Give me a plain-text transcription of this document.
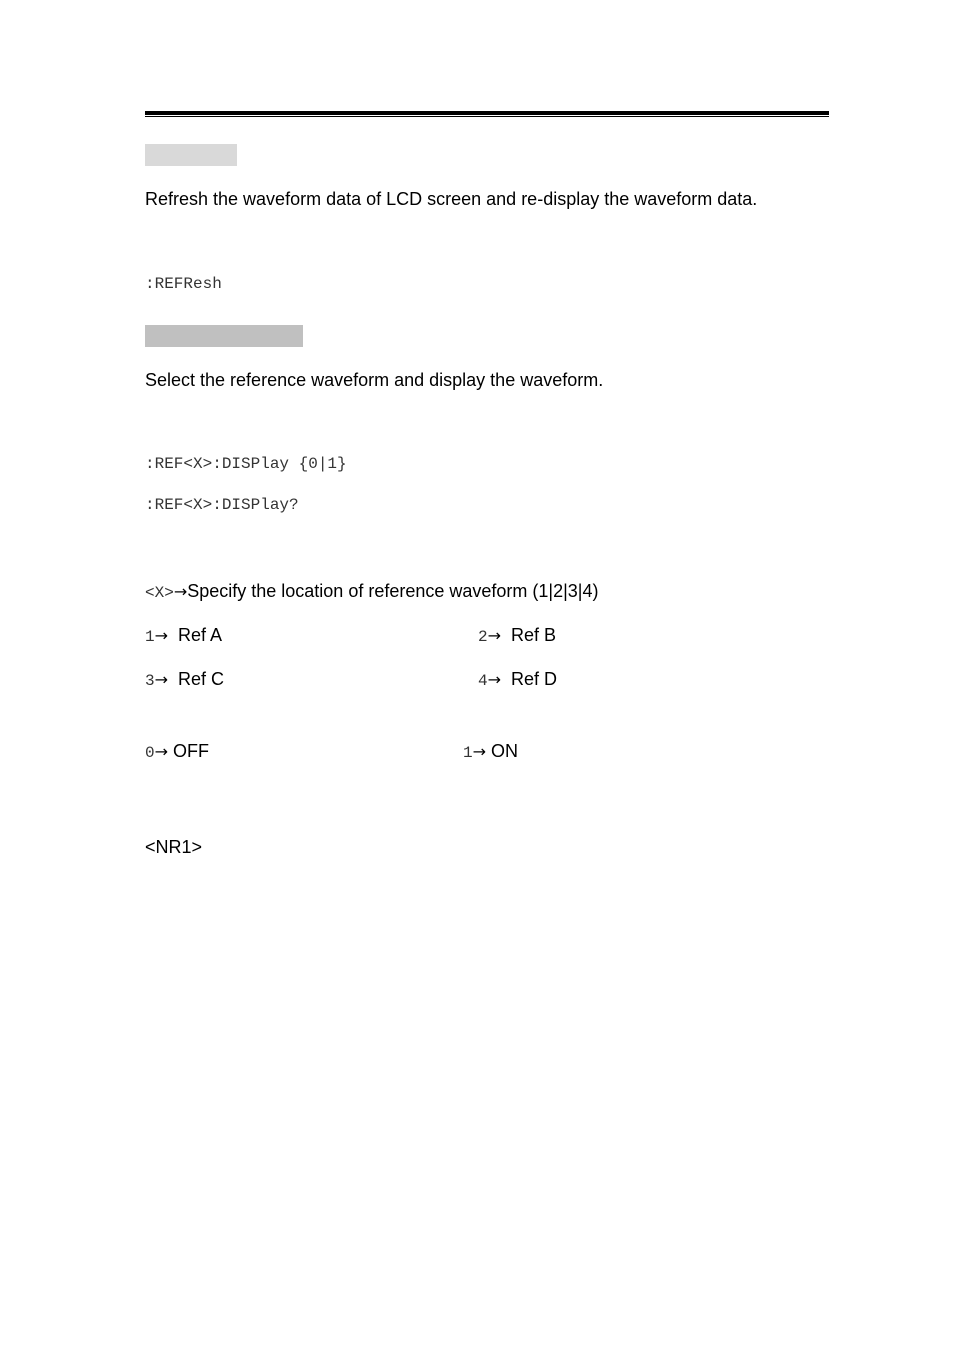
Refresh the waveform data of LCD screen and re-display the waveform data.
:REFResh
Select the reference waveform and display the waveform.
:REF<X>:DISPlay {0|1}
:REF<X>:DISPlay?
<X>→Specify the location of reference waveform (1|2|3|4)
1→ Ref A	2→ Ref B
3→ Ref C	4→ Ref D
0→ OFF	1→ ON
<NR1>
